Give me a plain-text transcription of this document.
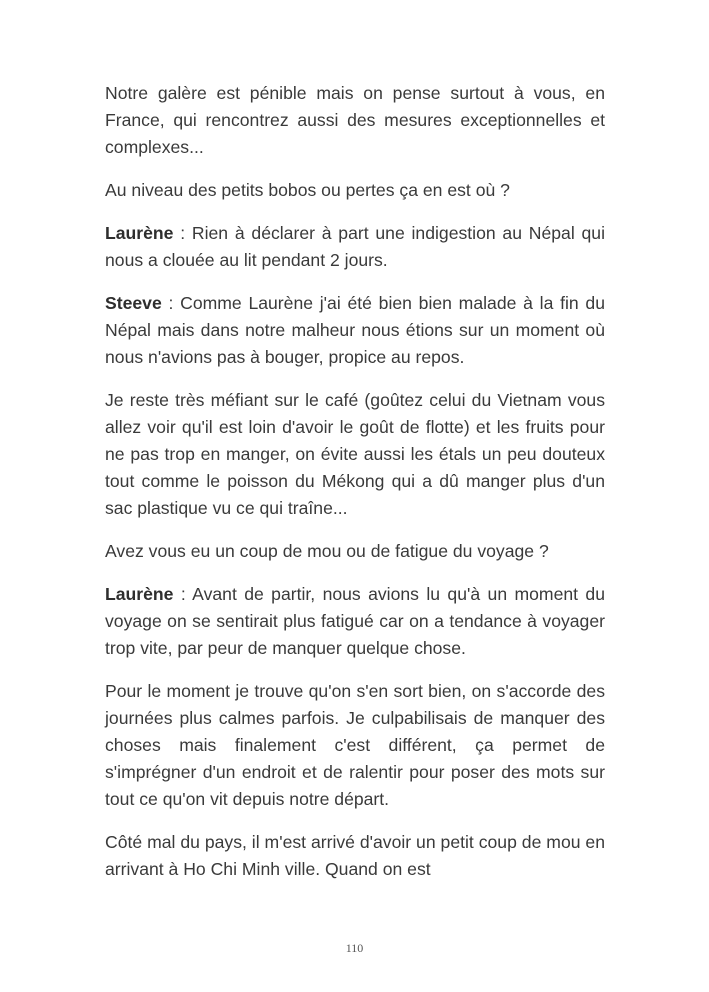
Notre galère est pénible mais on pense surtout à vous, en France, qui rencontrez aussi des mesures exceptionnelles et complexes...

Au niveau des petits bobos ou pertes ça en est où ?

Laurène : Rien à déclarer à part une indigestion au Népal qui nous a clouée au lit pendant 2 jours.

Steeve : Comme Laurène j'ai été bien bien malade à la fin du Népal mais dans notre malheur nous étions sur un moment où nous n'avions pas à bouger, propice au repos.

Je reste très méfiant sur le café (goûtez celui du Vietnam vous allez voir qu'il est loin d'avoir le goût de flotte) et les fruits pour ne pas trop en manger, on évite aussi les étals un peu douteux tout comme le poisson du Mékong qui a dû manger plus d'un sac plastique vu ce qui traîne...

Avez vous eu un coup de mou ou de fatigue du voyage ?

Laurène : Avant de partir, nous avions lu qu'à un moment du voyage on se sentirait plus fatigué car on a tendance à voyager trop vite, par peur de manquer quelque chose.

Pour le moment je trouve qu'on s'en sort bien, on s'accorde des journées plus calmes parfois. Je culpabilisais de manquer des choses mais finalement c'est différent, ça permet de s'imprégner d'un endroit et de ralentir pour poser des mots sur tout ce qu'on vit depuis notre départ.

Côté mal du pays, il m'est arrivé d'avoir un petit coup de mou en arrivant à Ho Chi Minh ville. Quand on est

110
